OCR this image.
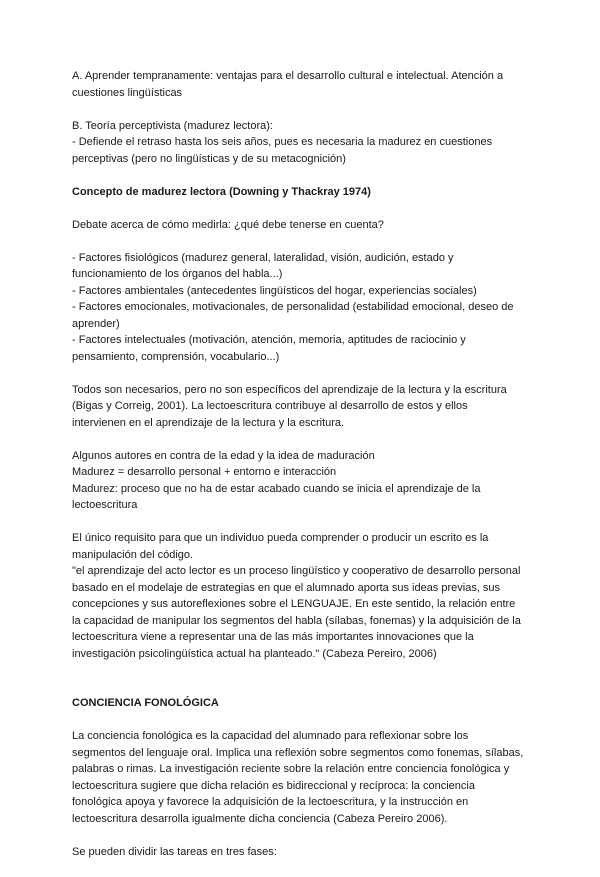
A. Aprender tempranamente: ventajas para el desarrollo cultural e intelectual. Atención a
cuestiones lingüísticas
B. Teoría perceptivista (madurez lectora):
- Defiende el retraso hasta los seis años, pues es necesaria la madurez en cuestiones
perceptivas (pero no lingüísticas y de su metacognición)
Concepto de madurez lectora (Downing y Thackray 1974)
Debate acerca de cómo medirla: ¿qué debe tenerse en cuenta?
- Factores fisiológicos (madurez general, lateralidad, visión, audición, estado y
funcionamiento de los órganos del habla...)
- Factores ambientales (antecedentes lingüísticos del hogar, experiencias sociales)
- Factores emocionales, motivacionales, de personalidad (estabilidad emocional, deseo de
aprender)
- Factores intelectuales (motivación, atención, memoria, aptitudes de raciocinio y
pensamiento, comprensión, vocabulario...)
Todos son necesarios, pero no son específicos del aprendizaje de la lectura y la escritura
(Bigas y Correig, 2001). La lectoescritura contribuye al desarrollo de estos y ellos
intervienen en el aprendizaje de la lectura y la escritura.
Algunos autores en contra de la edad y la idea de maduración
Madurez = desarrollo personal + entorno e interacción
Madurez: proceso que no ha de estar acabado cuando se inicia el aprendizaje de la
lectoescritura
El único requisito para que un individuo pueda comprender o producir un escrito es la
manipulación del código.
"el aprendizaje del acto lector es un proceso lingüístico y cooperativo de desarrollo personal
basado en el modelaje de estrategias en que el alumnado aporta sus ideas previas, sus
concepciones y sus autoreflexiones sobre el LENGUAJE. En este sentido, la relación entre
la capacidad de manipular los segmentos del habla (sílabas, fonemas) y la adquisición de la
lectoescritura viene a representar una de las más importantes innovaciones que la
investigación psicolingüística actual ha planteado." (Cabeza Pereiro, 2006)
CONCIENCIA FONOLÓGICA
La conciencia fonológica es la capacidad del alumnado para reflexionar sobre los
segmentos del lenguaje oral. Implica una reflexión sobre segmentos como fonemas, sílabas,
palabras o rimas. La investigación reciente sobre la relación entre conciencia fonológica y
lectoescritura sugiere que dicha relación es bidireccional y recíproca: la conciencia
fonológica apoya y favorece la adquisición de la lectoescritura, y la instrucción en
lectoescritura desarrolla igualmente dicha conciencia (Cabeza Pereiro 2006).
Se pueden dividir las tareas en tres fases:
